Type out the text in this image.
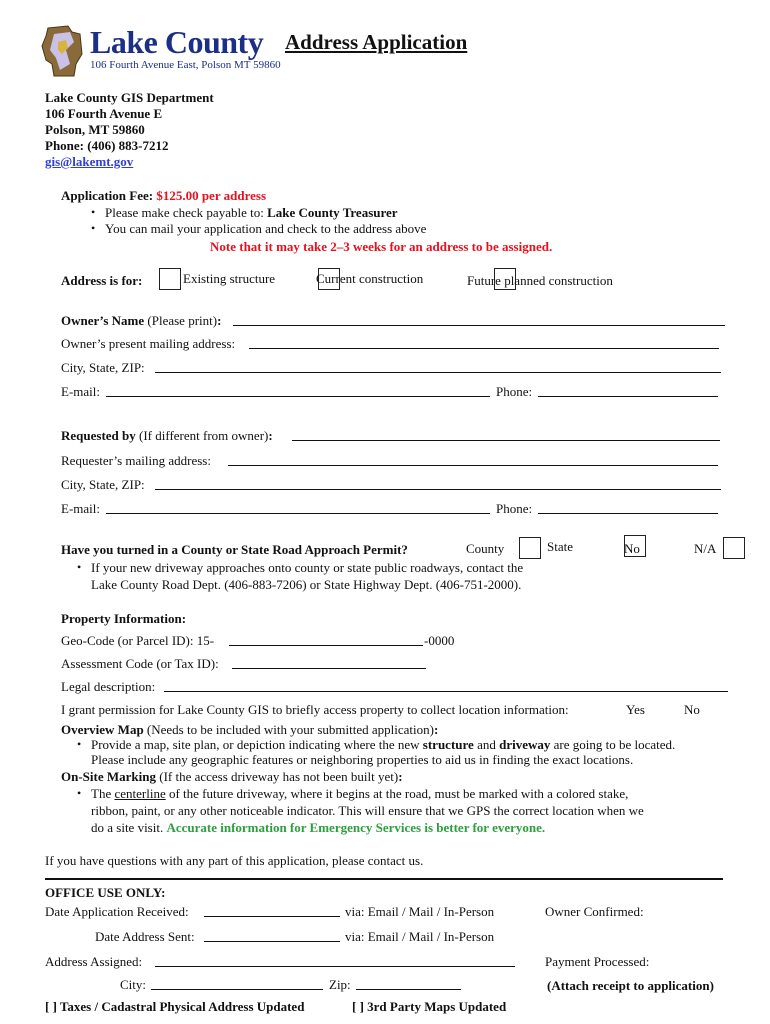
Lake County
106 Fourth Avenue East, Polson MT 59860
Address Application
Lake County GIS Department
106 Fourth Avenue E
Polson, MT 59860
Phone: (406) 883-7212
gis@lakemt.gov
Application Fee: $125.00 per address
• Please make check payable to: Lake County Treasurer
• You can mail your application and check to the address above
Note that it may take 2–3 weeks for an address to be assigned.
Address is for:
	Existing structure
	Current construction
	Future planned construction
Owner’s Name (Please print):
Owner’s present mailing address:
City, State, ZIP:
E-mail:	Phone:
Requested by (If different from owner):
Requester’s mailing address:
City, State, ZIP:
E-mail:	Phone:
Have you turned in a County or State Road Approach Permit?
	County
	State
	No
	N/A
• If your new driveway approaches onto county or state public roadways, contact the
Lake County Road Dept. (406-883-7206) or State Highway Dept. (406-751-2000).
Property Information:
Geo-Code (or Parcel ID): 15-	-0000
Assessment Code (or Tax ID):
Legal description:
I grant permission for Lake County GIS to briefly access property to collect location information:
	Yes
	No
Overview Map (Needs to be included with your submitted application):
• Provide a map, site plan, or depiction indicating where the new structure and driveway are going to be located.
Please include any geographic features or neighboring properties to aid us in finding the exact locations.
On-Site Marking (If the access driveway has not been built yet):
• The centerline of the future driveway, where it begins at the road, must be marked with a colored stake,
ribbon, paint, or any other noticeable indicator. This will ensure that we GPS the correct location when we
do a site visit. Accurate information for Emergency Services is better for everyone.
If you have questions with any part of this application, please contact us.
OFFICE USE ONLY:
Date Application Received:	via: Email / Mail / In-Person	Owner Confirmed:

Date Address Sent:	via: Email / Mail / In-Person
Address Assigned:	Payment Processed:
City:	Zip:	(Attach receipt to application)
[ ] Taxes / Cadastral Physical Address Updated	[ ] 3rd Party Maps Updated
